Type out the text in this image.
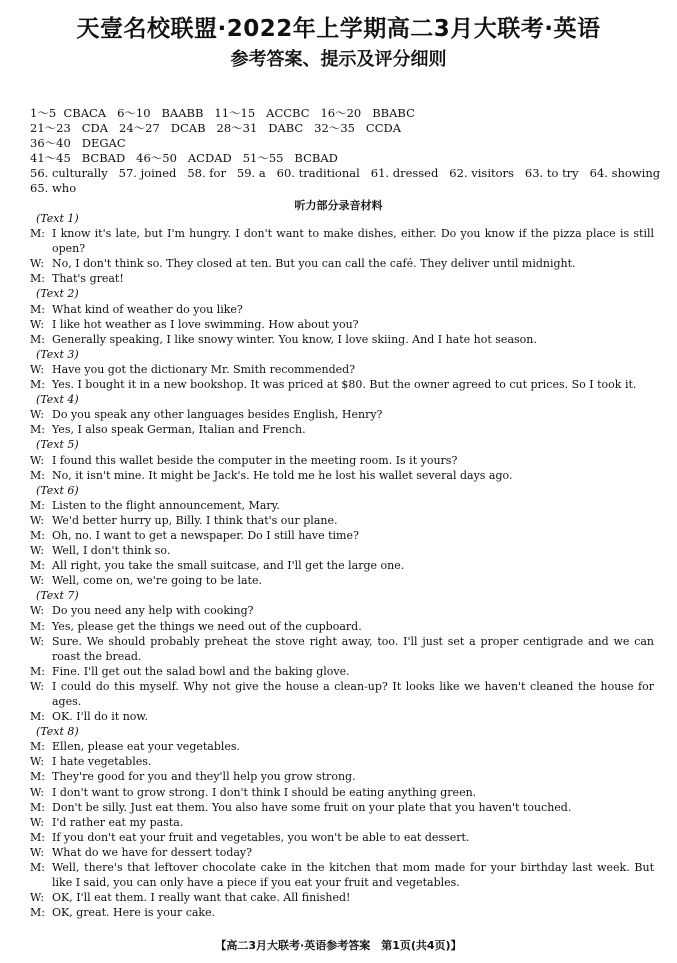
天壹名校联盟·2022年上学期高二3月大联考·英语
参考答案、提示及评分细则
1～5  CBACA   6～10   BAABB   11～15   ACCBC   16～20   BBABC
21～23   CDA   24～27   DCAB   28～31   DABC   32～35   CCDA
36～40   DEGAC
41～45   BCBAD   46～50   ACDAD   51～55   BCBAD
56. culturally   57. joined   58. for   59. a   60. traditional   61. dressed   62. visitors   63. to try   64. showing
65. who
听力部分录音材料
(Text 1)
M: I know it's late, but I'm hungry. I don't want to make dishes, either. Do you know if the pizza place is still open?
W: No, I don't think so. They closed at ten. But you can call the café. They deliver until midnight.
M: That's great!
(Text 2)
M: What kind of weather do you like?
W: I like hot weather as I love swimming. How about you?
M: Generally speaking, I like snowy winter. You know, I love skiing. And I hate hot season.
(Text 3)
W: Have you got the dictionary Mr. Smith recommended?
M: Yes. I bought it in a new bookshop. It was priced at $80. But the owner agreed to cut prices. So I took it.
(Text 4)
W: Do you speak any other languages besides English, Henry?
M: Yes, I also speak German, Italian and French.
(Text 5)
W: I found this wallet beside the computer in the meeting room. Is it yours?
M: No, it isn't mine. It might be Jack's. He told me he lost his wallet several days ago.
(Text 6)
M: Listen to the flight announcement, Mary.
W: We'd better hurry up, Billy. I think that's our plane.
M: Oh, no. I want to get a newspaper. Do I still have time?
W: Well, I don't think so.
M: All right, you take the small suitcase, and I'll get the large one.
W: Well, come on, we're going to be late.
(Text 7)
W: Do you need any help with cooking?
M: Yes, please get the things we need out of the cupboard.
W: Sure. We should probably preheat the stove right away, too. I'll just set a proper centigrade and we can roast the bread.
M: Fine. I'll get out the salad bowl and the baking glove.
W: I could do this myself. Why not give the house a clean-up? It looks like we haven't cleaned the house for ages.
M: OK. I'll do it now.
(Text 8)
M: Ellen, please eat your vegetables.
W: I hate vegetables.
M: They're good for you and they'll help you grow strong.
W: I don't want to grow strong. I don't think I should be eating anything green.
M: Don't be silly. Just eat them. You also have some fruit on your plate that you haven't touched.
W: I'd rather eat my pasta.
M: If you don't eat your fruit and vegetables, you won't be able to eat dessert.
W: What do we have for dessert today?
M: Well, there's that leftover chocolate cake in the kitchen that mom made for your birthday last week. But like I said, you can only have a piece if you eat your fruit and vegetables.
W: OK, I'll eat them. I really want that cake. All finished!
M: OK, great. Here is your cake.
【高二3月大联考·英语参考答案　第1页(共4页)】
